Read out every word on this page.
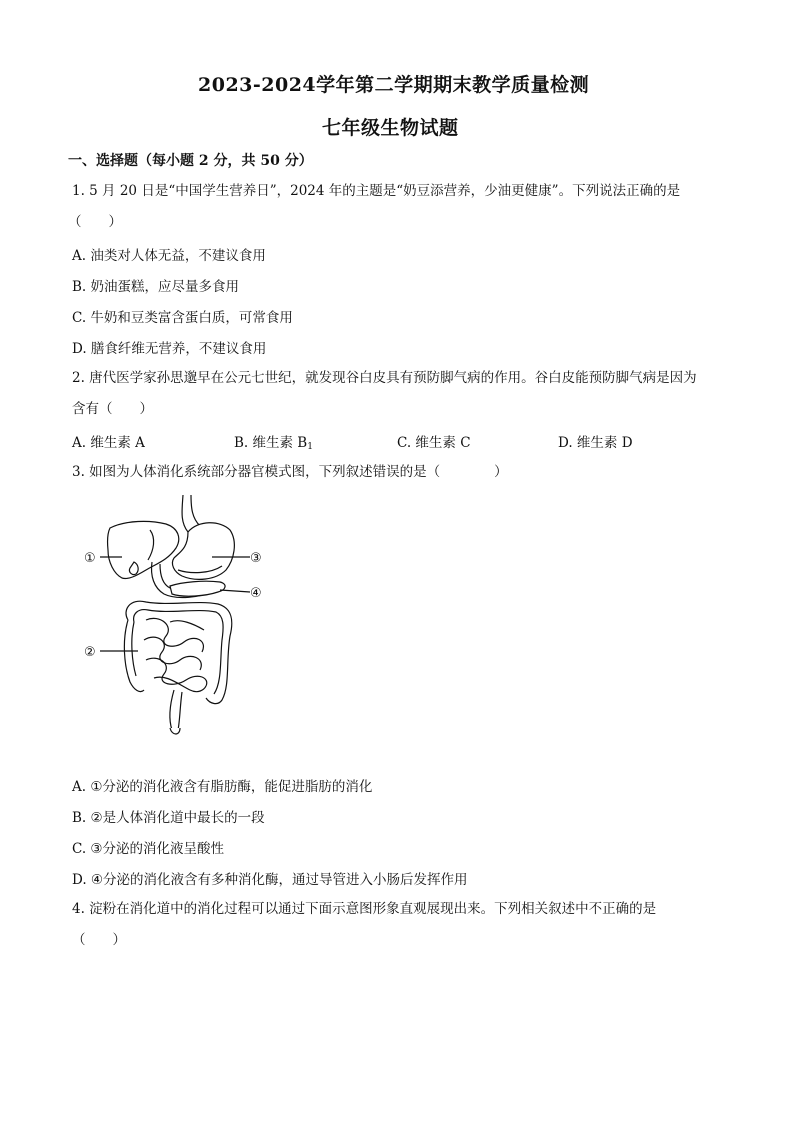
2023-2024学年第二学期期末教学质量检测
七年级生物试题
一、选择题（每小题 2 分，共 50 分）
1. 5 月 20 日是“中国学生营养日”，2024 年的主题是“奶豆添营养，少油更健康”。下列说法正确的是
（　　）
A. 油类对人体无益，不建议食用
B. 奶油蛋糕，应尽量多食用
C. 牛奶和豆类富含蛋白质，可常食用
D. 膳食纤维无营养，不建议食用
2. 唐代医学家孙思邈早在公元七世纪，就发现谷白皮具有预防脚气病的作用。谷白皮能预防脚气病是因为
含有（　　）
A. 维生素 A	B. 维生素 $B_1$	C. 维生素 C	D. 维生素 D
3. 如图为人体消化系统部分器官模式图，下列叙述错误的是（　　　　）
①	③
④
②
A. ①分泌的消化液含有脂肪酶，能促进脂肪的消化
B. ②是人体消化道中最长的一段
C. ③分泌的消化液呈酸性
D. ④分泌的消化液含有多种消化酶，通过导管进入小肠后发挥作用
4. 淀粉在消化道中的消化过程可以通过下面示意图形象直观展现出来。下列相关叙述中不正确的是
（　　）
